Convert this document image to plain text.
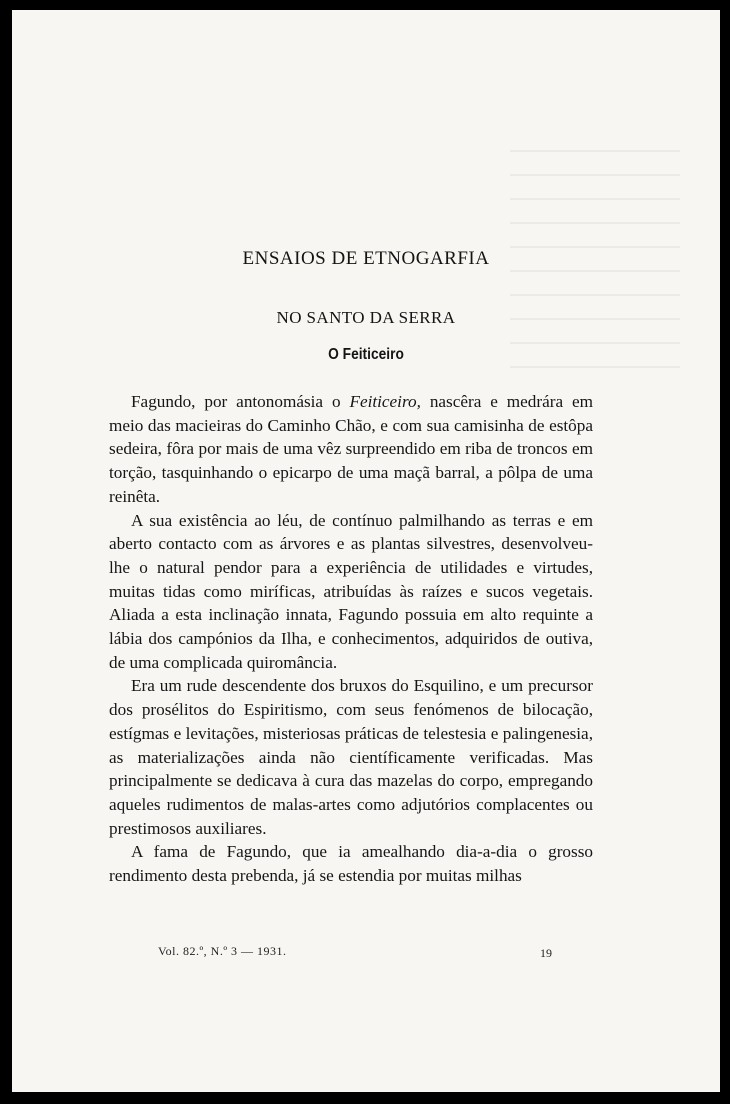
ENSAIOS DE ETNOGARFIA
NO SANTO DA SERRA
O Feiticeiro

Fagundo, por antonomásia o Feiticeiro, nascêra e medrára em meio das macieiras do Caminho Chão, e com sua camisinha de estôpa sedeira, fôra por mais de uma vêz surpreendido em riba de troncos em torção, tasquinhando o epicarpo de uma maçã barral, a pôlpa de uma reinêta.

A sua existência ao léu, de contínuo palmilhando as terras e em aberto contacto com as árvores e as plantas silvestres, desenvolveu-lhe o natural pendor para a experiência de utilidades e virtudes, muitas tidas como miríficas, atribuídas às raízes e sucos vegetais. Aliada a esta inclinação innata, Fagundo possuia em alto requinte a lábia dos campónios da Ilha, e conhecimentos, adquiridos de outiva, de uma complicada quiromância.

Era um rude descendente dos bruxos do Esquilino, e um precursor dos prosélitos do Espiritismo, com seus fenómenos de bilocação, estígmas e levitações, misteriosas práticas de telestesia e palingenesia, as materializações ainda não científicamente verificadas. Mas principalmente se dedicava à cura das mazelas do corpo, empregando aqueles rudimentos de malas-artes como adjutórios complacentes ou prestimosos auxiliares.

A fama de Fagundo, que ia amealhando dia-a-dia o grosso rendimento desta prebenda, já se estendia por muitas milhas

Vol. 82.º, N.º 3 — 1931.	19
